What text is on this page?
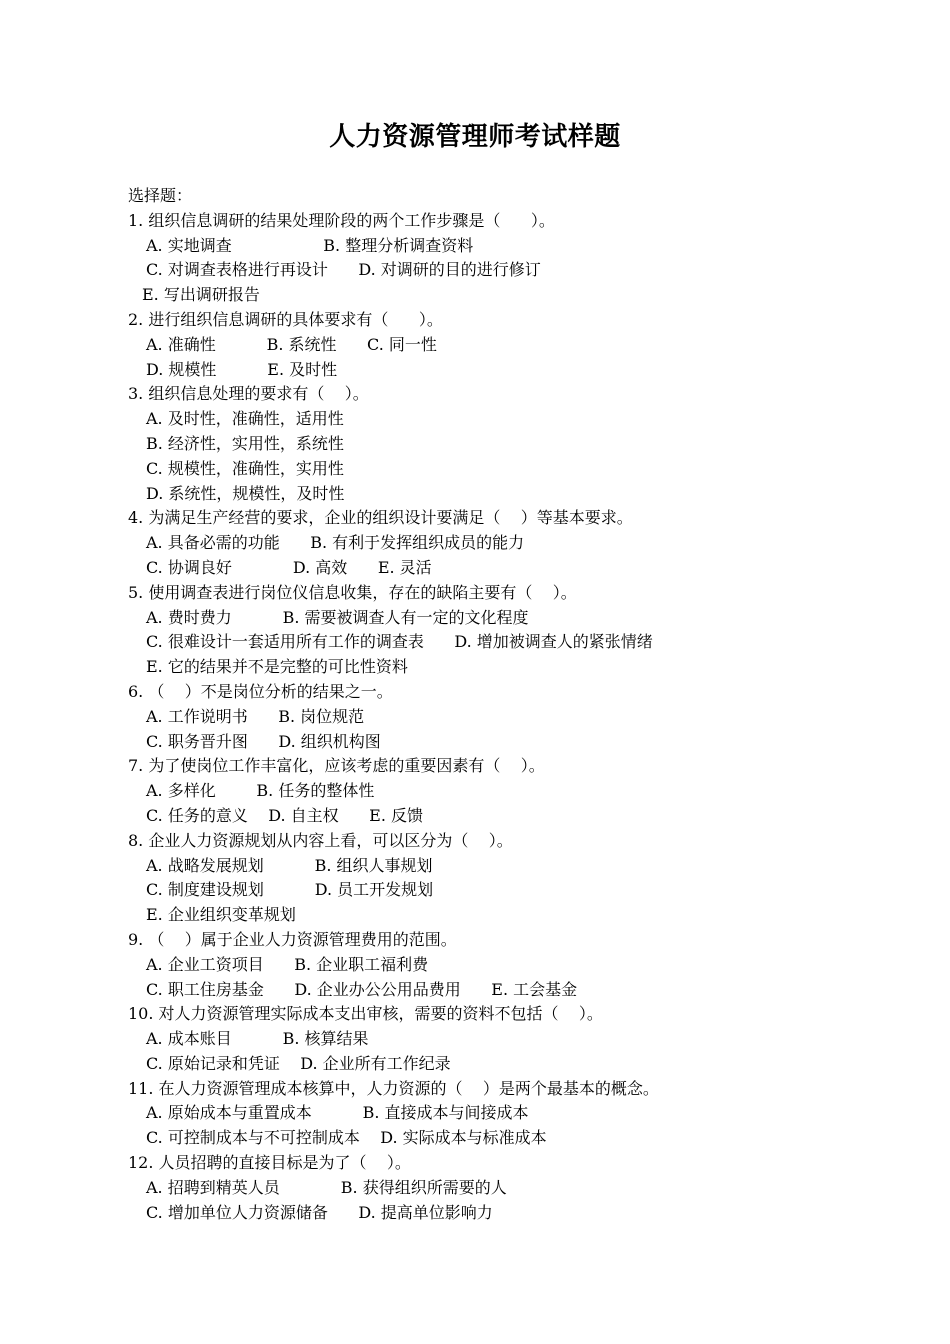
人力资源管理师考试样题
选择题：
1. 组织信息调研的结果处理阶段的两个工作步骤是（      ）。
A. 实地调查                  B. 整理分析调查资料
C. 对调查表格进行再设计      D. 对调研的目的进行修订
E. 写出调研报告
2. 进行组织信息调研的具体要求有（      ）。
A. 准确性          B. 系统性      C. 同一性
D. 规模性          E. 及时性
3. 组织信息处理的要求有（    ）。
A. 及时性，准确性，适用性
B. 经济性，实用性，系统性
C. 规模性，准确性，实用性
D. 系统性，规模性，及时性
4. 为满足生产经营的要求，企业的组织设计要满足（    ）等基本要求。
A. 具备必需的功能      B. 有利于发挥组织成员的能力
C. 协调良好            D. 高效      E. 灵活
5. 使用调查表进行岗位仪信息收集，存在的缺陷主要有（    ）。
A. 费时费力          B. 需要被调查人有一定的文化程度
C. 很难设计一套适用所有工作的调查表      D. 增加被调查人的紧张情绪
E. 它的结果并不是完整的可比性资料
6. （    ）不是岗位分析的结果之一。
A. 工作说明书      B. 岗位规范
C. 职务晋升图      D. 组织机构图
7. 为了使岗位工作丰富化，应该考虑的重要因素有（    ）。
A. 多样化        B. 任务的整体性
C. 任务的意义    D. 自主权      E. 反馈
8. 企业人力资源规划从内容上看，可以区分为（    ）。
A. 战略发展规划          B. 组织人事规划
C. 制度建设规划          D. 员工开发规划
E. 企业组织变革规划
9. （    ）属于企业人力资源管理费用的范围。
A. 企业工资项目      B. 企业职工福利费
C. 职工住房基金      D. 企业办公公用品费用      E. 工会基金
10. 对人力资源管理实际成本支出审核，需要的资料不包括（    ）。
A. 成本账目          B. 核算结果
C. 原始记录和凭证    D. 企业所有工作纪录
11. 在人力资源管理成本核算中，人力资源的（    ）是两个最基本的概念。
A. 原始成本与重置成本          B. 直接成本与间接成本
C. 可控制成本与不可控制成本    D. 实际成本与标准成本
12. 人员招聘的直接目标是为了（    ）。
A. 招聘到精英人员            B. 获得组织所需要的人
C. 增加单位人力资源储备      D. 提高单位影响力
